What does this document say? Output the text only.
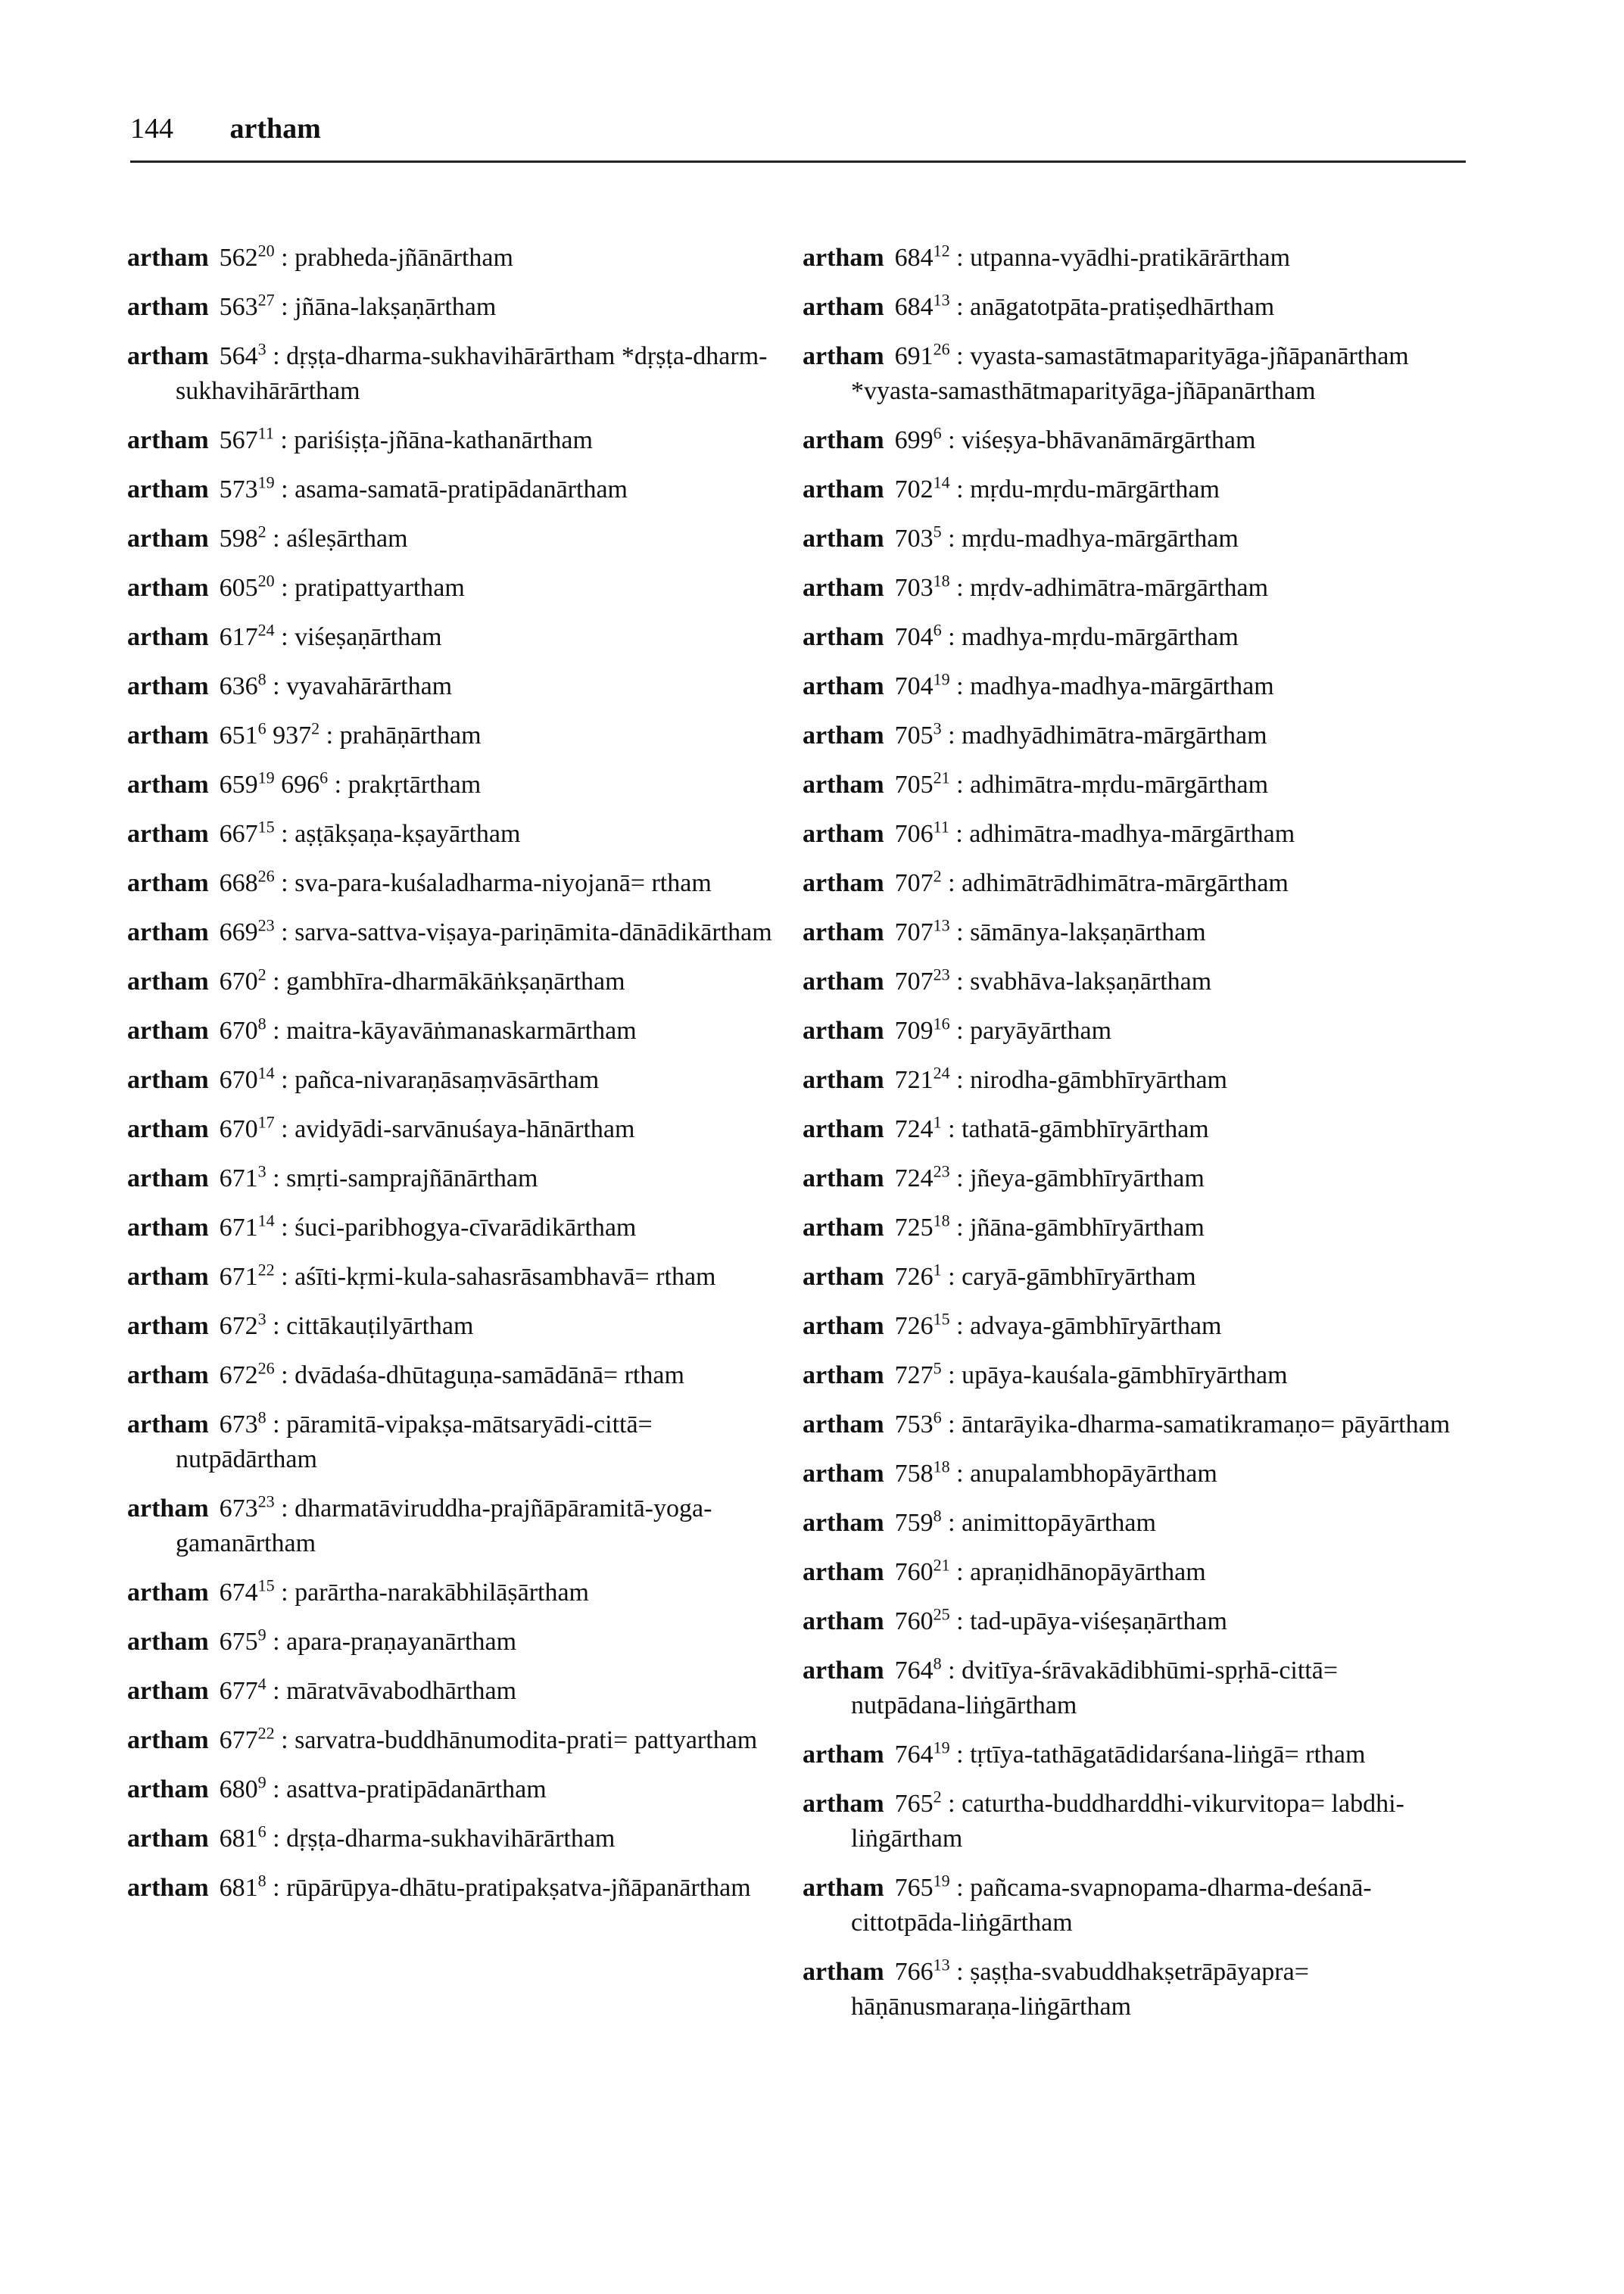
144 artham
artham $562^{20}$ : prabheda-jñānārtham
artham $563^{27}$ : jñāna-lakṣaṇārtham
artham $564^3$ : dṛṣṭa-dharma-sukhavihārārtham *dṛṣṭa-dharm-sukhavihārārtham
artham $567^{11}$ : pariśiṣṭa-jñāna-kathanārtham
artham $573^{19}$ : asama-samatā-pratipādanārtham
artham $598^2$ : aśleṣārtham
artham $605^{20}$ : pratipattyartham
artham $617^{24}$ : viśeṣaṇārtham
artham $636^8$ : vyavahārārtham
artham $651^6$ $937^2$ : prahāṇārtham
artham $659^{19}$ $696^6$ : prakṛtārtham
artham $667^{15}$ : aṣṭākṣaṇa-kṣayārtham
artham $668^{26}$ : sva-para-kuśaladharma-niyojanā= rtham
artham $669^{23}$ : sarva-sattva-viṣaya-pariṇāmita-dānādikārtham
artham $670^2$ : gambhīra-dharmākāṅkṣaṇārtham
artham $670^8$ : maitra-kāyavāṅmanaskarmārtham
artham $670^{14}$ : pañca-nivaraṇāsaṃvāsārtham
artham $670^{17}$ : avidyādi-sarvānuśaya-hānārtham
artham $671^3$ : smṛti-samprajñānārtham
artham $671^{14}$ : śuci-paribhogya-cīvarādikārtham
artham $671^{22}$ : aśīti-kṛmi-kula-sahasrāsambhavā= rtham
artham $672^3$ : cittākauṭilyārtham
artham $672^{26}$ : dvādaśa-dhūtaguṇa-samādānā= rtham
artham $673^8$ : pāramitā-vipakṣa-mātsaryādi-cittā= nutpādārtham
artham $673^{23}$ : dharmatāviruddha-prajñāpāramitā-yoga-gamanārtham
artham $674^{15}$ : parārtha-narakābhilāṣārtham
artham $675^9$ : apara-praṇayanārtham
artham $677^4$ : māratvāvabodhārtham
artham $677^{22}$ : sarvatra-buddhānumodita-prati= pattyartham
artham $680^9$ : asattva-pratipādanārtham
artham $681^6$ : dṛṣṭa-dharma-sukhavihārārtham
artham $681^8$ : rūpārūpya-dhātu-pratipakṣatva-jñāpanārtham
artham $684^{12}$ : utpanna-vyādhi-pratikārārtham
artham $684^{13}$ : anāgatotpāta-pratiṣedhārtham
artham $691^{26}$ : vyasta-samastātmaparityāga-jñāpanārtham *vyasta-samasthātmaparityāga-jñāpanārtham
artham $699^6$ : viśeṣya-bhāvanāmārgārtham
artham $702^{14}$ : mṛdu-mṛdu-mārgārtham
artham $703^5$ : mṛdu-madhya-mārgārtham
artham $703^{18}$ : mṛdv-adhimātra-mārgārtham
artham $704^6$ : madhya-mṛdu-mārgārtham
artham $704^{19}$ : madhya-madhya-mārgārtham
artham $705^3$ : madhyādhimātra-mārgārtham
artham $705^{21}$ : adhimātra-mṛdu-mārgārtham
artham $706^{11}$ : adhimātra-madhya-mārgārtham
artham $707^2$ : adhimātrādhimātra-mārgārtham
artham $707^{13}$ : sāmānya-lakṣaṇārtham
artham $707^{23}$ : svabhāva-lakṣaṇārtham
artham $709^{16}$ : paryāyārtham
artham $721^{24}$ : nirodha-gāmbhīryārtham
artham $724^1$ : tathatā-gāmbhīryārtham
artham $724^{23}$ : jñeya-gāmbhīryārtham
artham $725^{18}$ : jñāna-gāmbhīryārtham
artham $726^1$ : caryā-gāmbhīryārtham
artham $726^{15}$ : advaya-gāmbhīryārtham
artham $727^5$ : upāya-kauśala-gāmbhīryārtham
artham $753^6$ : āntarāyika-dharma-samatikramaṇo= pāyārtham
artham $758^{18}$ : anupalambhopāyārtham
artham $759^8$ : animittopāyārtham
artham $760^{21}$ : apraṇidhānopāyārtham
artham $760^{25}$ : tad-upāya-viśeṣaṇārtham
artham $764^8$ : dvitīya-śrāvakādibhūmi-spṛhā-cittā= nutpādana-liṅgārtham
artham $764^{19}$ : tṛtīya-tathāgatādidarśana-liṅgā= rtham
artham $765^2$ : caturtha-buddharddhi-vikurvitopa= labdhi-liṅgārtham
artham $765^{19}$ : pañcama-svapnopama-dharma-deśanā-cittotpāda-liṅgārtham
artham $766^{13}$ : ṣaṣṭha-svabuddhakṣetrāpāyapra= hāṇānusmaraṇa-liṅgārtham
